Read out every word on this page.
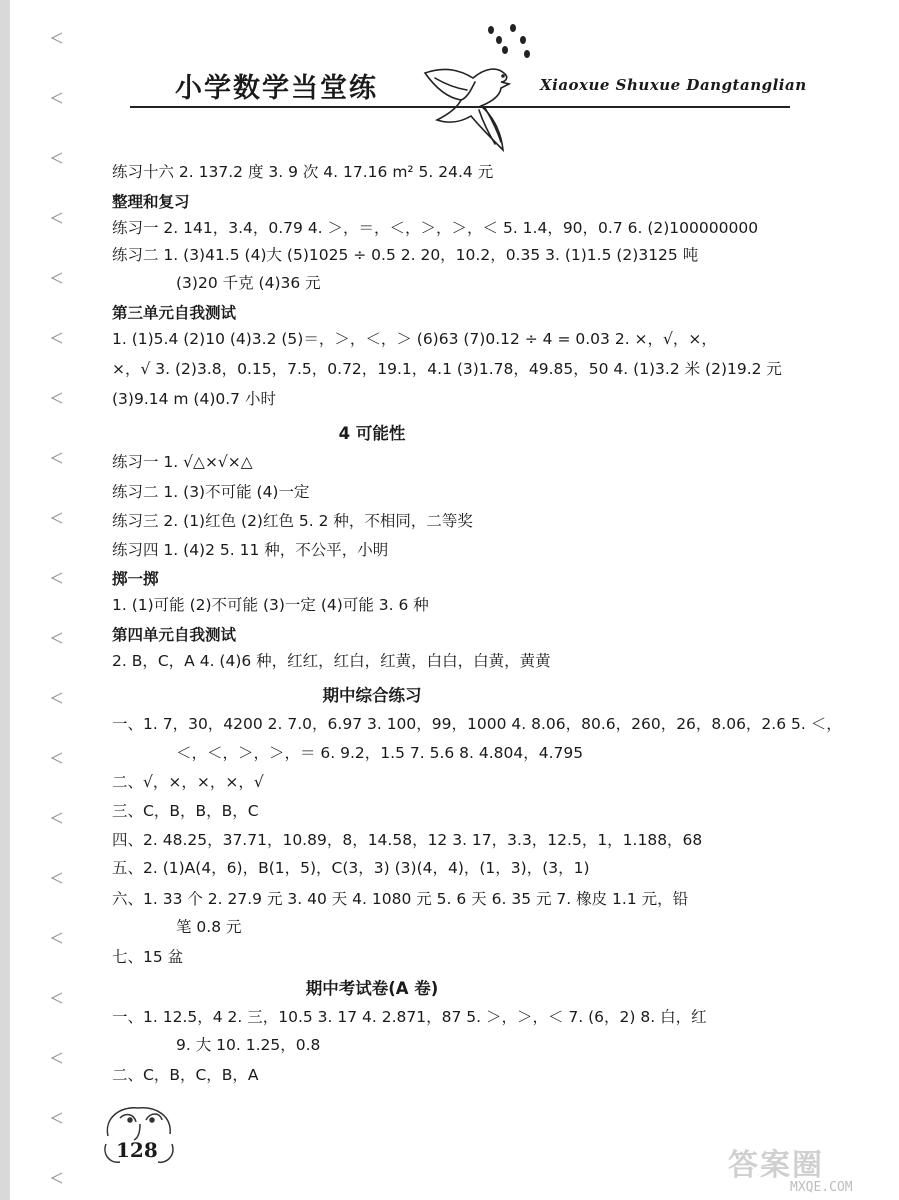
小学数学当堂练	Xiaoxue Shuxue Dangtanglian
练习十六 2. 137.2 度 3. 9 次 4. 17.16 m² 5. 24.4 元
整理和复习
练习一 2. 141，3.4，0.79 4. ＞，＝，＜，＞，＞，＜ 5. 1.4，90，0.7 6. (2)100000000
练习二 1. (3)41.5 (4)大 (5)1025 ÷ 0.5 2. 20，10.2，0.35 3. (1)1.5 (2)3125 吨
(3)20 千克 (4)36 元
第三单元自我测试
1. (1)5.4 (2)10 (4)3.2 (5)＝，＞，＜，＞ (6)63 (7)0.12 ÷ 4 = 0.03 2. ×，√，×，
×，√ 3. (2)3.8，0.15，7.5，0.72，19.1，4.1 (3)1.78，49.85，50 4. (1)3.2 米 (2)19.2 元
(3)9.14 m (4)0.7 小时
练习一 1. √△×√×△
练习二 1. (3)不可能 (4)一定
练习三 2. (1)红色 (2)红色 5. 2 种，不相同，二等奖
练习四 1. (4)2 5. 11 种，不公平，小明
掷一掷
1. (1)可能 (2)不可能 (3)一定 (4)可能 3. 6 种
第四单元自我测试
2. B，C，A 4. (4)6 种，红红，红白，红黄，白白，白黄，黄黄
一、1. 7，30，4200 2. 7.0，6.97 3. 100，99，1000 4. 8.06，80.6，260，26，8.06，2.6 5. ＜，
＜，＜，＞，＞，＝ 6. 9.2，1.5 7. 5.6 8. 4.804，4.795
二、√，×，×，×，√
三、C，B，B，B，C
四、2. 48.25，37.71，10.89，8，14.58，12 3. 17，3.3，12.5，1，1.188，68
五、2. (1)A(4，6)，B(1，5)，C(3，3) (3)(4，4)，(1，3)，(3，1)
六、1. 33 个 2. 27.9 元 3. 40 天 4. 1080 元 5. 6 天 6. 35 元 7. 橡皮 1.1 元，铅
笔 0.8 元
七、15 盆
一、1. 12.5，4 2. 三，10.5 3. 17 4. 2.871，87 5. ＞，＞，＜ 7. (6，2) 8. 白，红
9. 大 10. 1.25，0.8
二、C，B，C，B，A
4 可能性
期中综合练习
期中考试卷(A 卷)
128	答案圈
MXQE.COM
